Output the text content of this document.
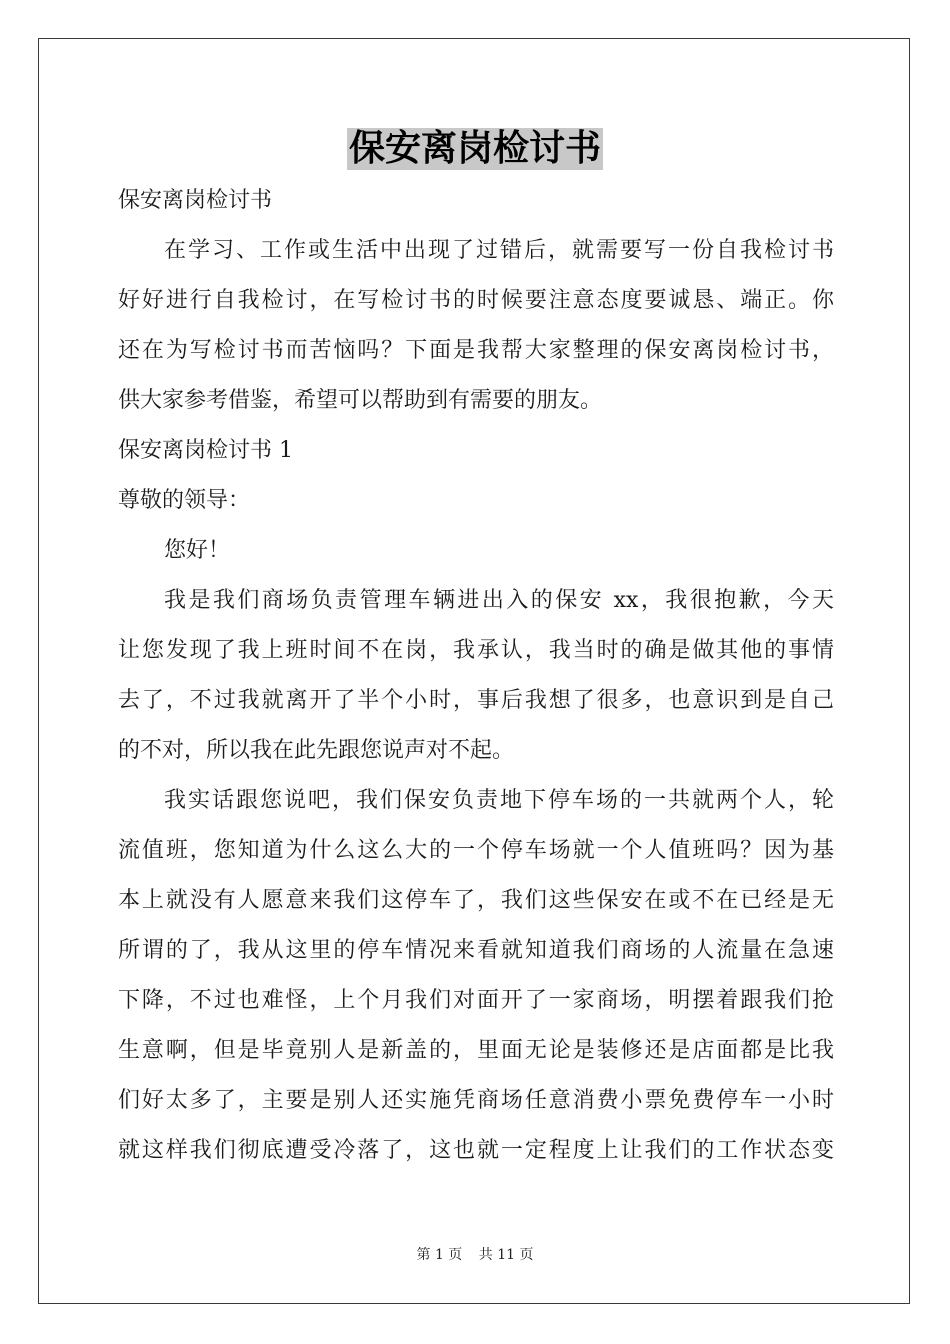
保安离岗检讨书
保安离岗检讨书
在学习、工作或生活中出现了过错后，就需要写一份自我检讨书
好好进行自我检讨，在写检讨书的时候要注意态度要诚恳、端正。你
还在为写检讨书而苦恼吗？下面是我帮大家整理的保安离岗检讨书，
供大家参考借鉴，希望可以帮助到有需要的朋友。
保安离岗检讨书 1
尊敬的领导：
您好！
我是我们商场负责管理车辆进出入的保安 xx，我很抱歉，今天
让您发现了我上班时间不在岗，我承认，我当时的确是做其他的事情
去了，不过我就离开了半个小时，事后我想了很多，也意识到是自己
的不对，所以我在此先跟您说声对不起。
我实话跟您说吧，我们保安负责地下停车场的一共就两个人，轮
流值班，您知道为什么这么大的一个停车场就一个人值班吗？因为基
本上就没有人愿意来我们这停车了，我们这些保安在或不在已经是无
所谓的了，我从这里的停车情况来看就知道我们商场的人流量在急速
下降，不过也难怪，上个月我们对面开了一家商场，明摆着跟我们抢
生意啊，但是毕竟别人是新盖的，里面无论是装修还是店面都是比我
们好太多了，主要是别人还实施凭商场任意消费小票免费停车一小时
就这样我们彻底遭受冷落了，这也就一定程度上让我们的工作状态变
第 1 页 共 11 页
